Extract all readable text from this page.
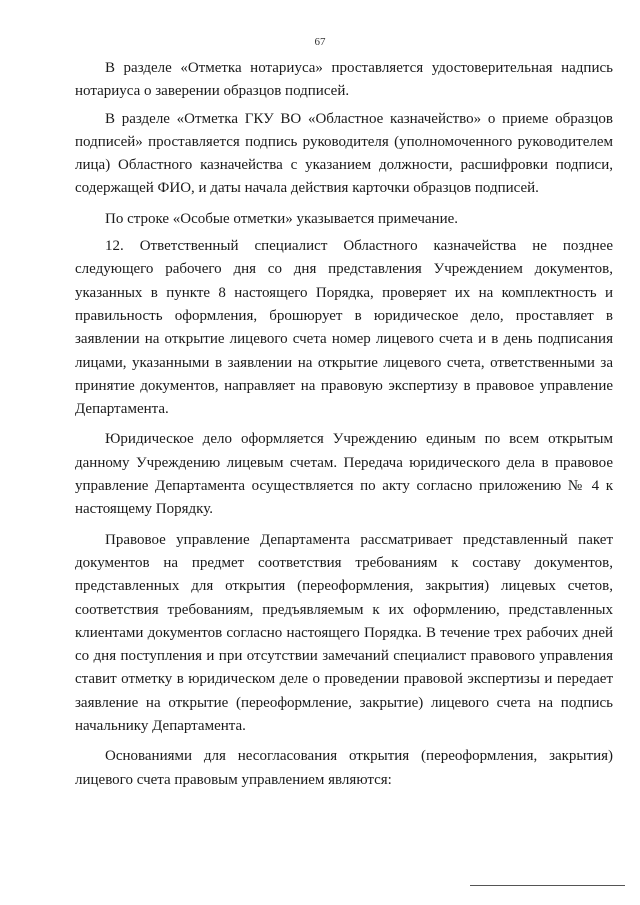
67

В разделе «Отметка нотариуса» проставляется удостоверительная надпись нотариуса о заверении образцов подписей.

В разделе «Отметка ГКУ ВО «Областное казначейство» о приеме образцов подписей» проставляется подпись руководителя (уполномоченного руководителем лица) Областного казначейства с указанием должности, расшифровки подписи, содержащей ФИО, и даты начала действия карточки образцов подписей.

По строке «Особые отметки» указывается примечание.

12. Ответственный специалист Областного казначейства не позднее следующего рабочего дня со дня представления Учреждением документов, указанных в пункте 8 настоящего Порядка, проверяет их на комплектность и правильность оформления, брошюрует в юридическое дело, проставляет в заявлении на открытие лицевого счета номер лицевого счета и в день подписания лицами, указанными в заявлении на открытие лицевого счета, ответственными за принятие документов, направляет на правовую экспертизу в правовое управление Департамента.

Юридическое дело оформляется Учреждению единым по всем открытым данному Учреждению лицевым счетам. Передача юридического дела в правовое управление Департамента осуществляется по акту согласно приложению № 4 к настоящему Порядку.

Правовое управление Департамента рассматривает представленный пакет документов на предмет соответствия требованиям к составу документов, представленных для открытия (переоформления, закрытия) лицевых счетов, соответствия требованиям, предъявляемым к их оформлению, представленных клиентами документов согласно настоящего Порядка. В течение трех рабочих дней со дня поступления и при отсутствии замечаний специалист правового управления ставит отметку в юридическом деле о проведении правовой экспертизы и передает заявление на открытие (переоформление, закрытие) лицевого счета на подпись начальнику Департамента.

Основаниями для несогласования открытия (переоформления, закрытия) лицевого счета правовым управлением являются:
